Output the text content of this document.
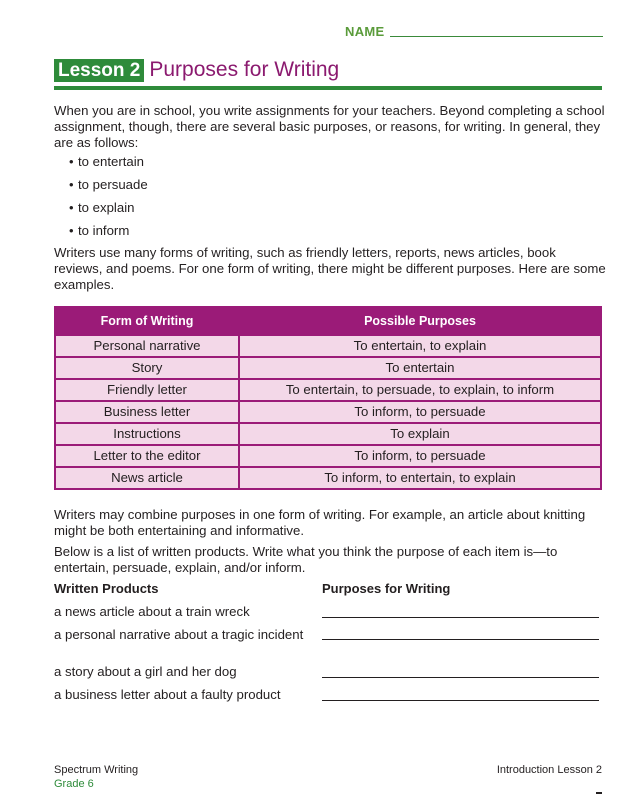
NAME
Lesson 2 Purposes for Writing

When you are in school, you write assignments for your teachers. Beyond completing a school assignment, though, there are several basic purposes, or reasons, for writing. In general, they are as follows:

• to entertain
• to persuade
• to explain
• to inform

Writers use many forms of writing, such as friendly letters, reports, news articles, book reviews, and poems. For one form of writing, there might be different purposes. Here are some examples.

Form of Writing	Possible Purposes
Personal narrative	To entertain, to explain
Story	To entertain
Friendly letter	To entertain, to persuade, to explain, to inform
Business letter	To inform, to persuade
Instructions	To explain
Letter to the editor	To inform, to persuade
News article	To inform, to entertain, to explain

Writers may combine purposes in one form of writing. For example, an article about knitting might be both entertaining and informative.

Below is a list of written products. Write what you think the purpose of each item is—to entertain, persuade, explain, and/or inform.

Written Products	Purposes for Writing
a news article about a train wreck
a personal narrative about a tragic incident
a story about a girl and her dog
a business letter about a faulty product
Spectrum Writing
Grade 6
Introduction Lesson 2
